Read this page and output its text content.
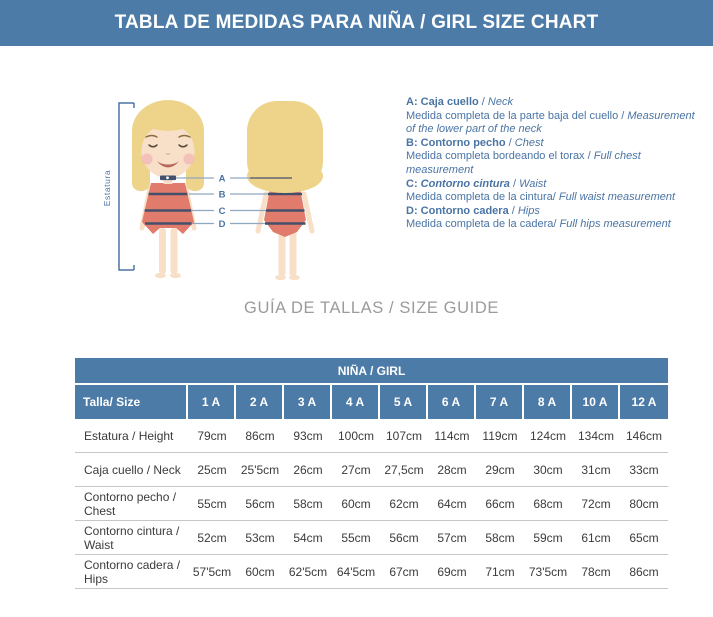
TABLA DE MEDIDAS PARA NIÑA / GIRL SIZE CHART
Estatura	A
B
C
D
A: Caja cuello / Neck
Medida completa de la parte baja del cuello / Measurement of the lower part of the neck
B: Contorno pecho / Chest
Medida completa bordeando el torax / Full chest measurement
C: Contorno cintura / Waist
Medida completa de la cintura/ Full waist measurement
D: Contorno cadera / Hips
Medida completa de la cadera/ Full hips measurement
GUÍA DE TALLAS / SIZE GUIDE
NIÑA / GIRL										
Talla/ Size	1 A	2 A	3 A	4 A	5 A	6 A	7 A	8 A	10 A	12 A
Estatura / Height	79cm	86cm	93cm	100cm	107cm	114cm	119cm	124cm	134cm	146cm
Caja cuello / Neck	25cm	25'5cm	26cm	27cm	27,5cm	28cm	29cm	30cm	31cm	33cm
Contorno pecho / Chest	55cm	56cm	58cm	60cm	62cm	64cm	66cm	68cm	72cm	80cm
Contorno cintura / Waist	52cm	53cm	54cm	55cm	56cm	57cm	58cm	59cm	61cm	65cm
Contorno cadera / Hips	57'5cm	60cm	62'5cm	64'5cm	67cm	69cm	71cm	73'5cm	78cm	86cm
